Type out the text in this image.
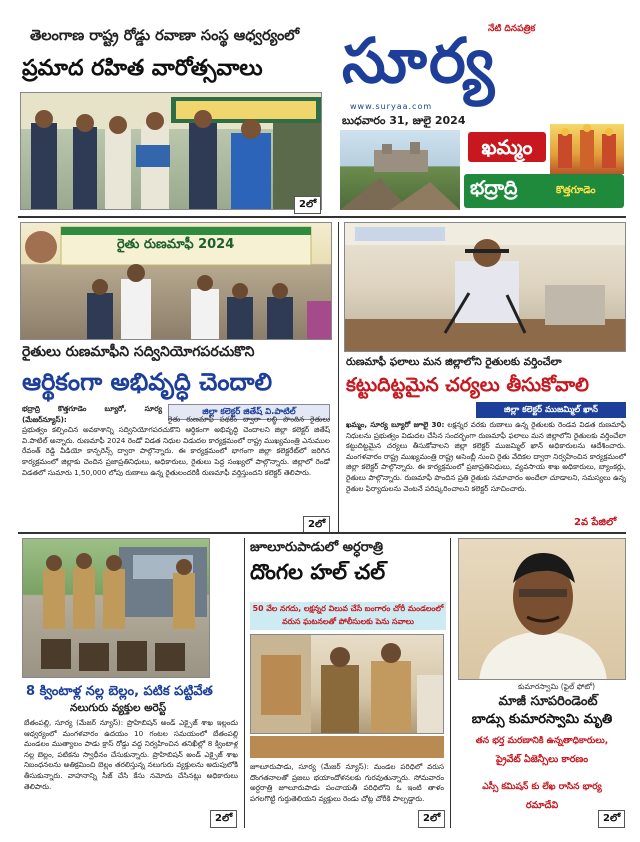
తెలంగాణ రాష్ట్ర రోడ్డు రవాణా సంస్థ ఆధ్వర్యంలో
ప్రమాద రహిత వారోత్సవాలు
2లో
నేటి దినపత్రిక
సూర్య
www.suryaa.com
బుధవారం 31, జులై 2024
ఖమ్మం
భద్రాద్రి	కొత్తగూడెం
రైతు రుణమాఫీ 2024
రైతులు రుణమాఫీని సద్వినియోగపరచుకొని
ఆర్థికంగా అభివృద్ధి చెందాలి
జిల్లా కలెక్టర్ జితేష్ వి.పాటిల్
భద్రాద్రి కొత్తగూడెం బ్యూరో, సూర్య (మేజర్‌న్యూస్):	రైతు రుణమాఫీ పథకం ద్వారా లబ్ధి పొందిన రైతులు ప్రభుత్వం కల్పించిన అవకాశాన్ని సద్వినియోగపరచుకొని ఆర్థికంగా అభివృద్ధి చెందాలని జిల్లా కలెక్టర్ జితేష్ వి.పాటిల్ అన్నారు. రుణమాఫీ 2024 రెండో విడత నిధుల విడుదల కార్యక్రమంలో రాష్ట్ర ముఖ్యమంత్రి ఎనుముల రేవంత్ రెడ్డి వీడియో కాన్ఫరెన్స్ ద్వారా పాల్గొన్నారు. ఈ కార్యక్రమంలో భాగంగా జిల్లా కలెక్టరేట్‌లో జరిగిన కార్యక్రమంలో జిల్లాకు చెందిన ప్రజాప్రతినిధులు, అధికారులు, రైతులు పెద్ద సంఖ్యలో పాల్గొన్నారు. జిల్లాలో రెండో విడతలో సుమారు 1,50,000 లోపు రుణాలు ఉన్న రైతులందరికీ రుణమాఫీ వర్తిస్తుందని కలెక్టర్ తెలిపారు.
2లో
రుణమాఫీ ఫలాలు మన జిల్లాలోని రైతులకు వర్తించేలా
కట్టుదిట్టమైన చర్యలు తీసుకోవాలి
జిల్లా కలెక్టర్ ముజమ్మిల్ ఖాన్
ఖమ్మం, సూర్య బ్యూరో జూలై 30: లక్షన్నర వరకు రుణాలు ఉన్న రైతులకు రెండవ విడత రుణమాఫీ నిధులను ప్రభుత్వం విడుదల చేసిన సందర్భంగా రుణమాఫీ ఫలాలు మన జిల్లాలోని రైతులకు వర్తించేలా కట్టుదిట్టమైన చర్యలు తీసుకోవాలని జిల్లా కలెక్టర్ ముజమ్మిల్ ఖాన్ అధికారులను ఆదేశించారు. మంగళవారం రాష్ట్ర ముఖ్యమంత్రి రాష్ట్ర అసెంబ్లీ నుంచి రైతు వేదికల ద్వారా నిర్వహించిన కార్యక్రమంలో జిల్లా కలెక్టర్ పాల్గొన్నారు. ఈ కార్యక్రమంలో ప్రజాప్రతినిధులు, వ్యవసాయ శాఖ అధికారులు, బ్యాంకర్లు, రైతులు పాల్గొన్నారు. రుణమాఫీ పొందిన ప్రతి రైతుకు సమాచారం అందేలా చూడాలని, సమస్యలు ఉన్న రైతుల ఫిర్యాదులను వెంటనే పరిష్కరించాలని కలెక్టర్ సూచించారు.
2వ పేజిలో
8 క్వింటాళ్ల నల్ల బెల్లం, పటిక పట్టివేత
నలుగురు వ్యక్తుల అరెస్ట్
బేతంపల్లి, సూర్య (మేజర్ న్యూస్): ప్రొహిబిషన్ అండ్ ఎక్సైజ్ శాఖ ఇల్లందు ఆధ్వర్యంలో మంగళవారం ఉదయం 10 గంటల సమయంలో బేతంపల్లి మండలం ముత్యాలం పాడు క్రాస్ రోడ్డు వద్ద నిర్వహించిన తనిఖీల్లో 8 క్వింటాళ్ల నల్ల బెల్లం, పటికను స్వాధీనం చేసుకున్నారు. ప్రొహిబిషన్ అండ్ ఎక్సైజ్ శాఖ నిబంధనలను అతిక్రమించి బెల్లం తరలిస్తున్న నలుగురు వ్యక్తులను అదుపులోకి తీసుకున్నారు. వాహనాన్ని సీజ్ చేసి కేసు నమోదు చేసినట్లు అధికారులు తెలిపారు.
2లో
జూలూరుపాడులో అర్ధరాత్రి
దొంగల హల్ చల్
50 వేల నగదు, లక్షన్నర విలువ చేసే బంగారం చోరీ మండలంలో వరుస ఘటనలతో పోలీసులకు పెను సవాలు
జూలూరుపాడు, సూర్య (మేజర్ న్యూస్): మండల పరిధిలో వరుస దొంగతనాలతో ప్రజలు భయాందోళనలకు గురవుతున్నారు. సోమవారం అర్ధరాత్రి జూలూరుపాడు పంచాయతీ పరిధిలోని ఓ ఇంటి తాళం పగలగొట్టి గుర్తుతెలియని వ్యక్తులు రెండు చోట్ల చోరీకి పాల్పడ్డారు.
2లో
కుమారస్వామి (ఫైల్ ఫోటో)
మాజీ సూపరిండెంట్
బాడ్సు కుమారస్వామి మృతి
తన భర్త మరణానికి ఉన్నతాధికారులు,
ప్రైవేట్ ఏజెన్సీలు కారణం
ఎస్సీ కమిషన్ కు లేఖ రాసిన భార్య
రమాదేవి
2లో
